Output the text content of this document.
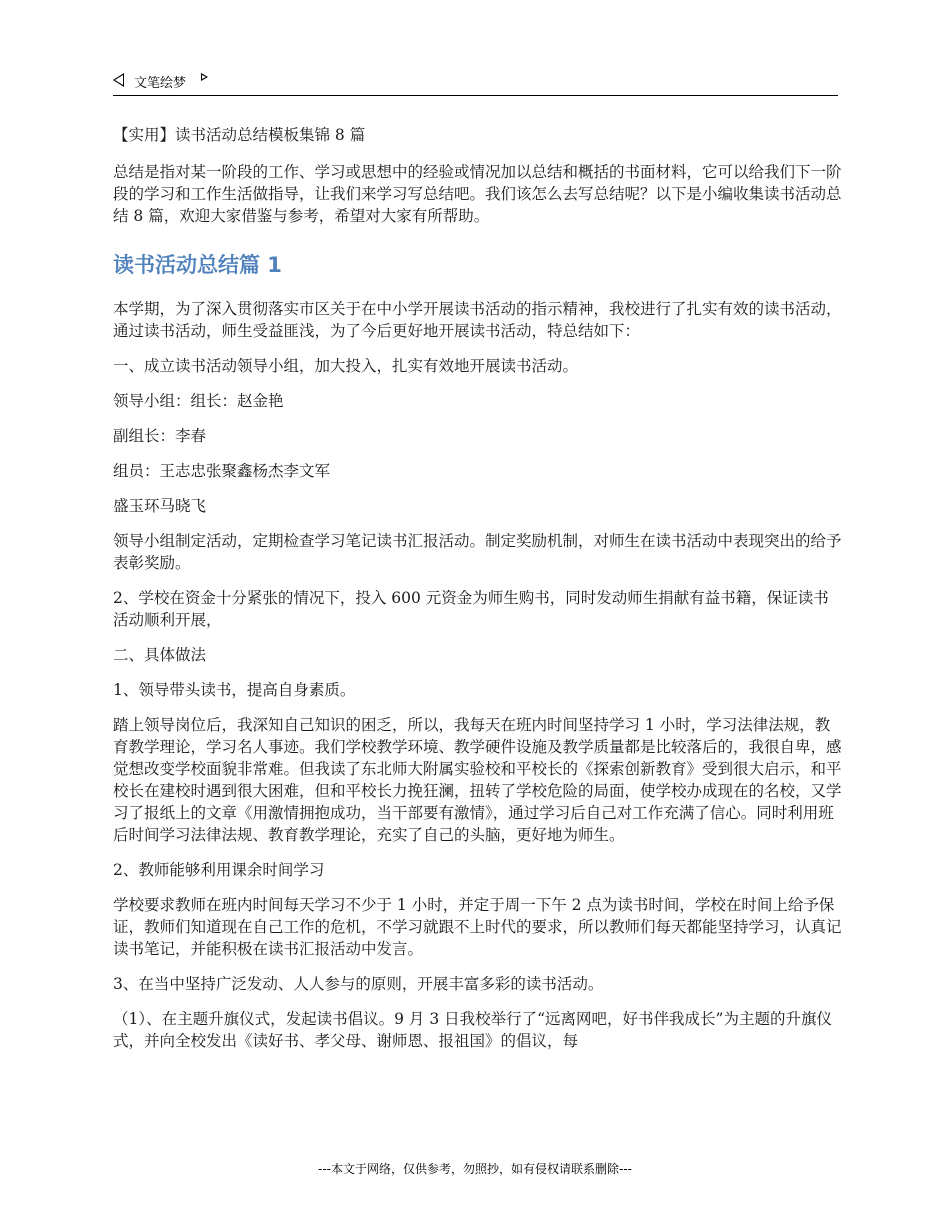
文笔绘梦

【实用】读书活动总结模板集锦 8 篇

总结是指对某一阶段的工作、学习或思想中的经验或情况加以总结和概括的书面材料，它可以给我们下一阶段的学习和工作生活做指导，让我们来学习写总结吧。我们该怎么去写总结呢？以下是小编收集读书活动总结 8 篇，欢迎大家借鉴与参考，希望对大家有所帮助。

读书活动总结篇 1

本学期，为了深入贯彻落实市区关于在中小学开展读书活动的指示精神，我校进行了扎实有效的读书活动，通过读书活动，师生受益匪浅，为了今后更好地开展读书活动，特总结如下：

一、成立读书活动领导小组，加大投入，扎实有效地开展读书活动。

领导小组：组长：赵金艳

副组长：李春

组员：王志忠张聚鑫杨杰李文军

盛玉环马晓飞

领导小组制定活动，定期检查学习笔记读书汇报活动。制定奖励机制，对师生在读书活动中表现突出的给予表彰奖励。

2、学校在资金十分紧张的情况下，投入 600 元资金为师生购书，同时发动师生捐献有益书籍，保证读书活动顺利开展，

二、具体做法

1、领导带头读书，提高自身素质。

踏上领导岗位后，我深知自己知识的困乏，所以，我每天在班内时间坚持学习 1 小时，学习法律法规，教育教学理论，学习名人事迹。我们学校教学环境、教学硬件设施及教学质量都是比较落后的，我很自卑，感觉想改变学校面貌非常难。但我读了东北师大附属实验校和平校长的《探索创新教育》受到很大启示，和平校长在建校时遇到很大困难，但和平校长力挽狂澜，扭转了学校危险的局面，使学校办成现在的名校，又学习了报纸上的文章《用激情拥抱成功，当干部要有激情》，通过学习后自己对工作充满了信心。同时利用班后时间学习法律法规、教育教学理论，充实了自己的头脑，更好地为师生。

2、教师能够利用课余时间学习

学校要求教师在班内时间每天学习不少于 1 小时，并定于周一下午 2 点为读书时间，学校在时间上给予保证，教师们知道现在自己工作的危机，不学习就跟不上时代的要求，所以教师们每天都能坚持学习，认真记读书笔记，并能积极在读书汇报活动中发言。

3、在当中坚持广泛发动、人人参与的原则，开展丰富多彩的读书活动。

（1）、在主题升旗仪式，发起读书倡议。9 月 3 日我校举行了“远离网吧，好书伴我成长”为主题的升旗仪式，并向全校发出《读好书、孝父母、谢师恩、报祖国》的倡议，每

---本文于网络，仅供参考，勿照抄，如有侵权请联系删除---
